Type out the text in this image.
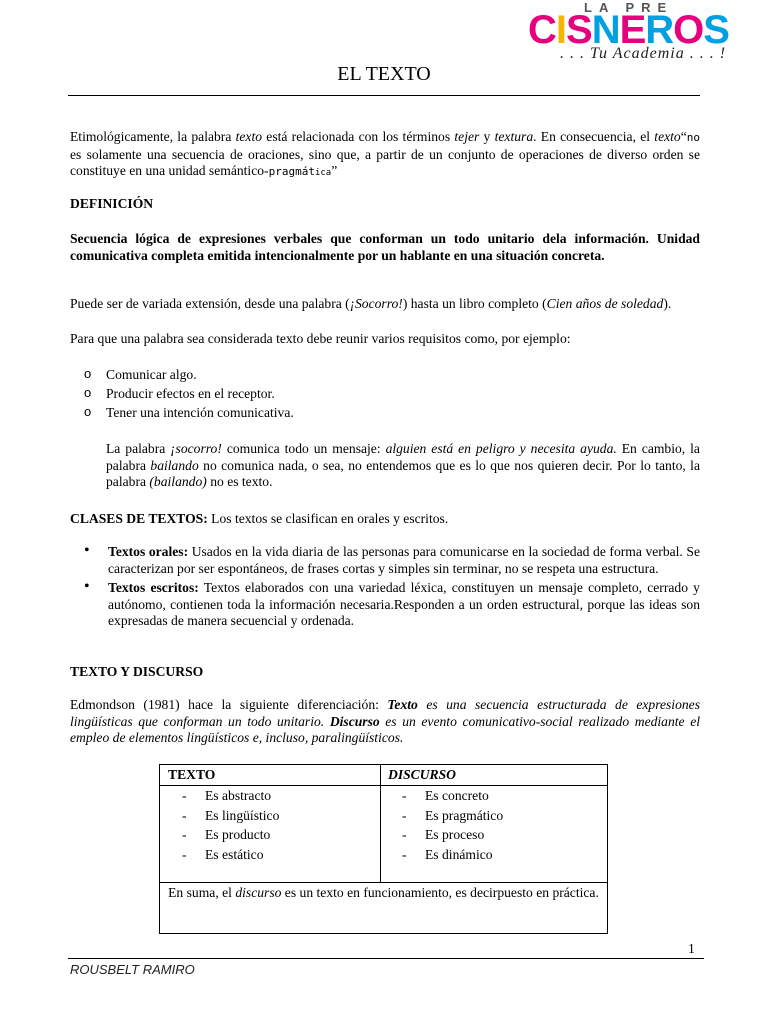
LA PRE
CISNEROS
. . . Tu Academia . . . !
EL TEXTO
Etimológicamente, la palabra texto está relacionada con los términos tejer y textura. En consecuencia, el texto“no es solamente una secuencia de oraciones, sino que, a partir de un conjunto de operaciones de diverso orden se constituye en una unidad semántico-pragmática”
DEFINICIÓN
Secuencia lógica de expresiones verbales que conforman un todo unitario dela información. Unidad comunicativa completa emitida intencionalmente por un hablante en una situación concreta.
Puede ser de variada extensión, desde una palabra (¡Socorro!) hasta un libro completo (Cien años de soledad).
Para que una palabra sea considerada texto debe reunir varios requisitos como, por ejemplo:
o Comunicar algo.
o Producir efectos en el receptor.
o Tener una intención comunicativa.
La palabra ¡socorro! comunica todo un mensaje: alguien está en peligro y necesita ayuda. En cambio, la palabra bailando no comunica nada, o sea, no entendemos que es lo que nos quieren decir. Por lo tanto, la palabra (bailando) no es texto.
CLASES DE TEXTOS: Los textos se clasifican en orales y escritos.
• Textos orales: Usados en la vida diaria de las personas para comunicarse en la sociedad de forma verbal. Se caracterizan por ser espontáneos, de frases cortas y simples sin terminar, no se respeta una estructura.
• Textos escritos: Textos elaborados con una variedad léxica, constituyen un mensaje completo, cerrado y autónomo, contienen toda la información necesaria.Responden a un orden estructural, porque las ideas son expresadas de manera secuencial y ordenada.
TEXTO Y DISCURSO
Edmondson (1981) hace la siguiente diferenciación: Texto es una secuencia estructurada de expresiones lingüísticas que conforman un todo unitario. Discurso es un evento comunicativo-social realizado mediante el empleo de elementos lingüísticos e, incluso, paralingüísticos.
TEXTO	DISCURSO
- Es abstracto
- Es lingüístico
- Es producto
- Es estático
- Es concreto
- Es pragmático
- Es proceso
- Es dinámico
En suma, el discurso es un texto en funcionamiento, es decirpuesto en práctica.
1
ROUSBELT RAMIRO
